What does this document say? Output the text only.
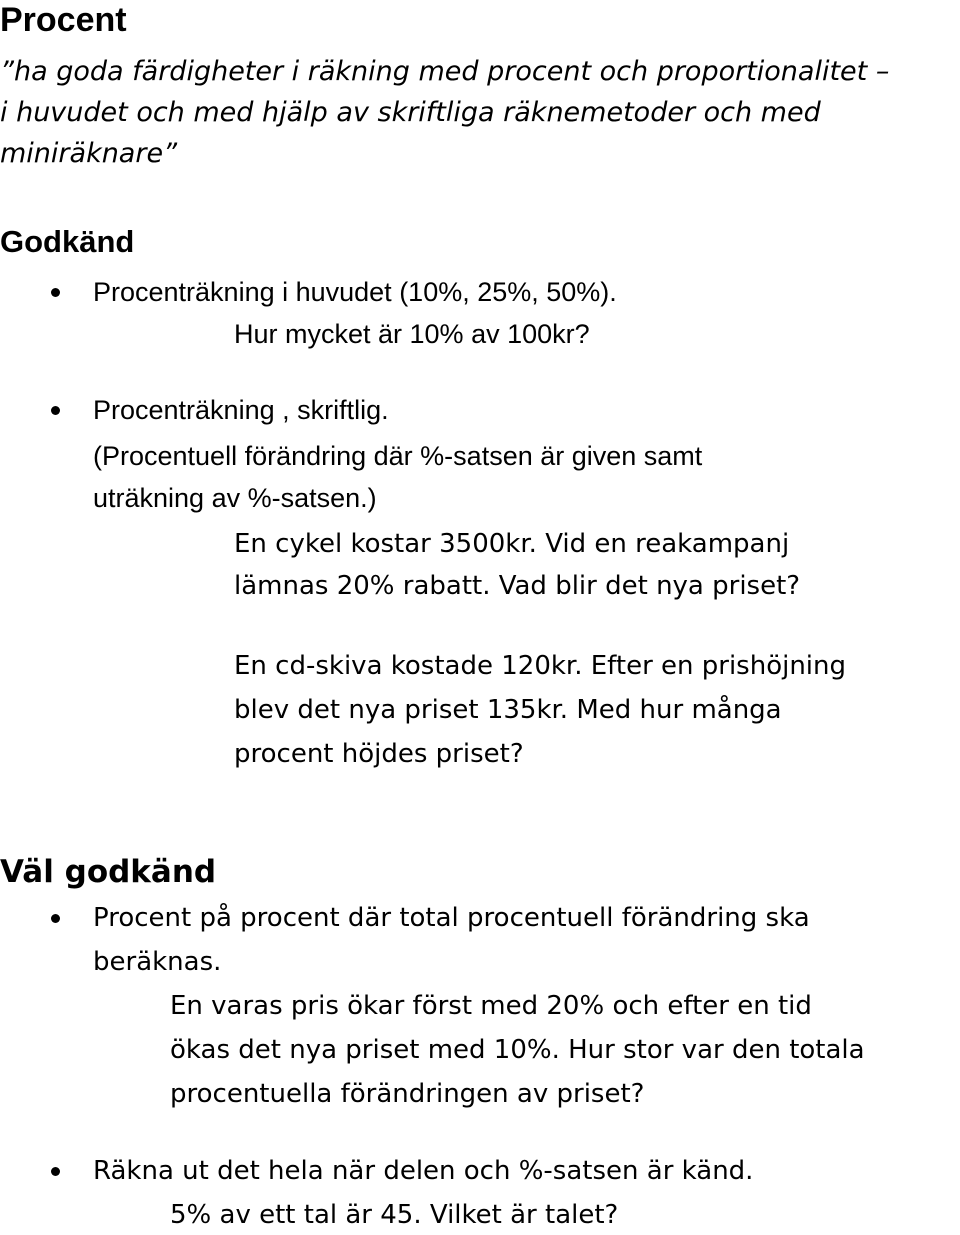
Procent

”ha goda färdigheter i räkning med procent och proportionalitet –

i huvudet och med hjälp av skriftliga räknemetoder och med

miniräknare”

Godkänd

Procenträkning i huvudet (10%, 25%, 50%).

Hur mycket är 10% av 100kr?

Procenträkning , skriftlig.

(Procentuell förändring där %-satsen är given samt

uträkning av %-satsen.)

En cykel kostar 3500kr. Vid en reakampanj

lämnas 20% rabatt. Vad blir det nya priset?

En cd-skiva kostade 120kr. Efter en prishöjning

blev det nya priset 135kr. Med hur många

procent höjdes priset?

Väl godkänd

Procent på procent där total procentuell förändring ska

beräknas.

En varas pris ökar först med 20% och efter en tid

ökas det nya priset med 10%. Hur stor var den totala

procentuella förändringen av priset?

Räkna ut det hela när delen och %-satsen är känd.

5% av ett tal är 45. Vilket är talet?
